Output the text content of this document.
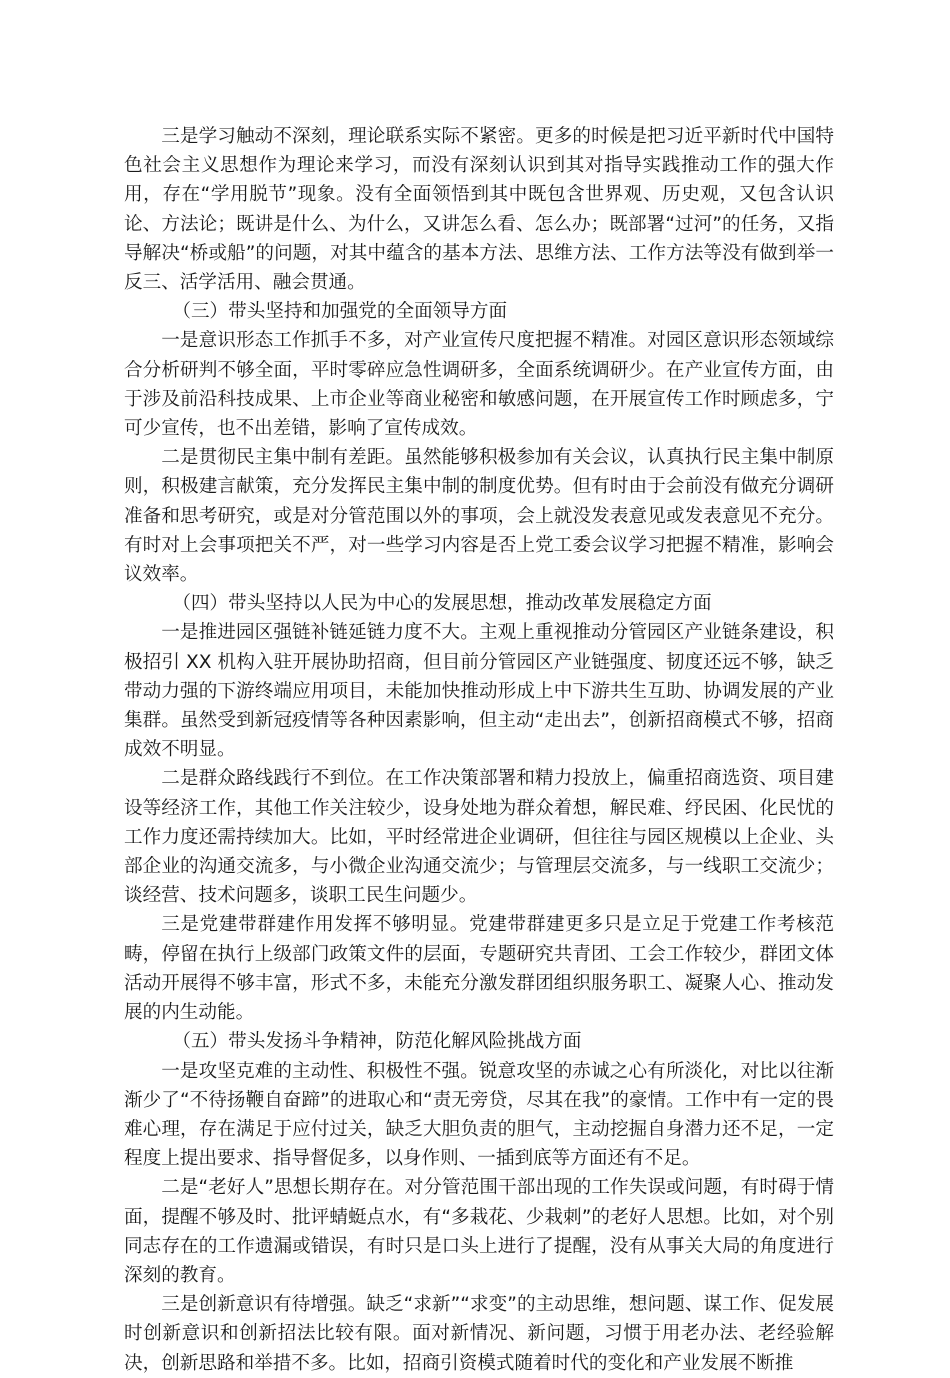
三是学习触动不深刻，理论联系实际不紧密。更多的时候是把习近平新时代中国特色社会主义思想作为理论来学习，而没有深刻认识到其对指导实践推动工作的强大作用，存在“学用脱节”现象。没有全面领悟到其中既包含世界观、历史观，又包含认识论、方法论；既讲是什么、为什么，又讲怎么看、怎么办；既部署“过河”的任务，又指导解决“桥或船”的问题，对其中蕴含的基本方法、思维方法、工作方法等没有做到举一反三、活学活用、融会贯通。

（三）带头坚持和加强党的全面领导方面

一是意识形态工作抓手不多，对产业宣传尺度把握不精准。对园区意识形态领域综合分析研判不够全面，平时零碎应急性调研多，全面系统调研少。在产业宣传方面，由于涉及前沿科技成果、上市企业等商业秘密和敏感问题，在开展宣传工作时顾虑多，宁可少宣传，也不出差错，影响了宣传成效。

二是贯彻民主集中制有差距。虽然能够积极参加有关会议，认真执行民主集中制原则，积极建言献策，充分发挥民主集中制的制度优势。但有时由于会前没有做充分调研准备和思考研究，或是对分管范围以外的事项，会上就没发表意见或发表意见不充分。有时对上会事项把关不严，对一些学习内容是否上党工委会议学习把握不精准，影响会议效率。

（四）带头坚持以人民为中心的发展思想，推动改革发展稳定方面

一是推进园区强链补链延链力度不大。主观上重视推动分管园区产业链条建设，积极招引 XX 机构入驻开展协助招商，但目前分管园区产业链强度、韧度还远不够，缺乏带动力强的下游终端应用项目，未能加快推动形成上中下游共生互助、协调发展的产业集群。虽然受到新冠疫情等各种因素影响，但主动“走出去”，创新招商模式不够，招商成效不明显。

二是群众路线践行不到位。在工作决策部署和精力投放上，偏重招商选资、项目建设等经济工作，其他工作关注较少，设身处地为群众着想，解民难、纾民困、化民忧的工作力度还需持续加大。比如，平时经常进企业调研，但往往与园区规模以上企业、头部企业的沟通交流多，与小微企业沟通交流少；与管理层交流多，与一线职工交流少；谈经营、技术问题多，谈职工民生问题少。

三是党建带群建作用发挥不够明显。党建带群建更多只是立足于党建工作考核范畴，停留在执行上级部门政策文件的层面，专题研究共青团、工会工作较少，群团文体活动开展得不够丰富，形式不多，未能充分激发群团组织服务职工、凝聚人心、推动发展的内生动能。

（五）带头发扬斗争精神，防范化解风险挑战方面

一是攻坚克难的主动性、积极性不强。锐意攻坚的赤诚之心有所淡化，对比以往渐渐少了“不待扬鞭自奋蹄”的进取心和“责无旁贷，尽其在我”的豪情。工作中有一定的畏难心理，存在满足于应付过关，缺乏大胆负责的胆气，主动挖掘自身潜力还不足，一定程度上提出要求、指导督促多，以身作则、一插到底等方面还有不足。

二是“老好人”思想长期存在。对分管范围干部出现的工作失误或问题，有时碍于情面，提醒不够及时、批评蜻蜓点水，有“多栽花、少栽刺”的老好人思想。比如，对个别同志存在的工作遗漏或错误，有时只是口头上进行了提醒，没有从事关大局的角度进行深刻的教育。

三是创新意识有待增强。缺乏“求新”“求变”的主动思维，想问题、谋工作、促发展时创新意识和创新招法比较有限。面对新情况、新问题，习惯于用老办法、老经验解决，创新思路和举措不多。比如，招商引资模式随着时代的变化和产业发展不断推
